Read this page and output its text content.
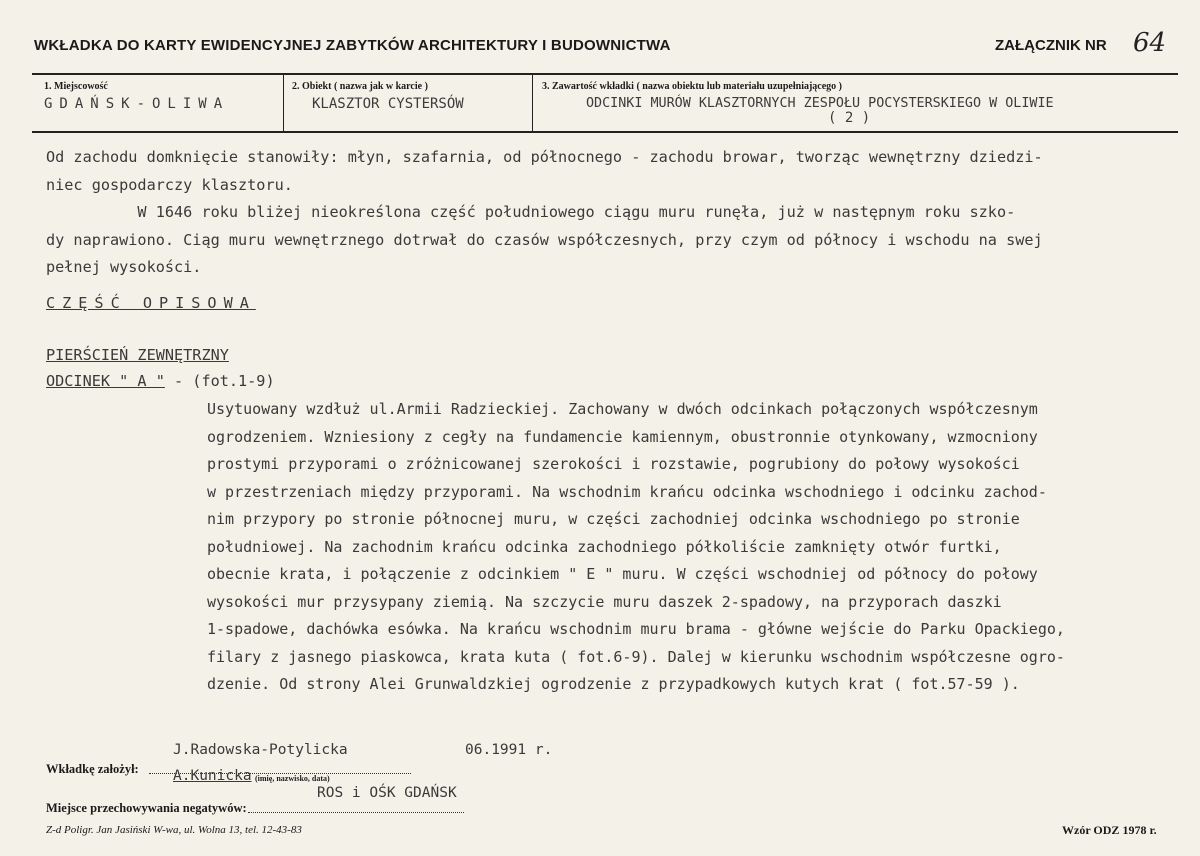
WKŁADKA DO KARTY EWIDENCYJNEJ ZABYTKÓW ARCHITEKTURY I BUDOWNICTWA	ZAŁĄCZNIK NR 64
1. Miejscowość
GDAŃSK-OLIWA
2. Obiekt ( nazwa jak w karcie )
KLASZTOR CYSTERSÓW
3. Zawartość wkładki ( nazwa obiektu lub materiału uzupełniającego )
ODCINKI MURÓW KLASZTORNYCH ZESPOŁU POCYSTERSKIEGO W OLIWIE
( 2 )
Od zachodu domknięcie stanowiły: młyn, szafarnia, od północnego - zachodu browar, tworząc wewnętrzny dziedzi-
niec gospodarczy klasztoru.
W 1646 roku bliżej nieokreślona część południowego ciągu muru runęła, już w następnym roku szko-
dy naprawiono. Ciąg muru wewnętrznego dotrwał do czasów współczesnych, przy czym od północy i wschodu na swej
pełnej wysokości.
CZĘŚĆ OPISOWA
PIERŚCIEŃ ZEWNĘTRZNY
ODCINEK " A " - (fot.1-9)
Usytuowany wzdłuż ul.Armii Radzieckiej. Zachowany w dwóch odcinkach połączonych współczesnym
ogrodzeniem. Wzniesiony z cegły na fundamencie kamiennym, obustronnie otynkowany, wzmocniony
prostymi przyporami o zróżnicowanej szerokości i rozstawie, pogrubiony do połowy wysokości
w przestrzeniach między przyporami. Na wschodnim krańcu odcinka wschodniego i odcinku zachod-
nim przypory po stronie północnej muru, w części zachodniej odcinka wschodniego po stronie
południowej. Na zachodnim krańcu odcinka zachodniego półkoliście zamknięty otwór furtki,
obecnie krata, i połączenie z odcinkiem " E " muru. W części wschodniej od północy do połowy
wysokości mur przysypany ziemią. Na szczycie muru daszek 2-spadowy, na przyporach daszki
1-spadowe, dachówka esówka. Na krańcu wschodnim muru brama - główne wejście do Parku Opackiego,
filary z jasnego piaskowca, krata kuta ( fot.6-9). Dalej w kierunku wschodnim współczesne ogro-
dzenie. Od strony Alei Grunwaldzkiej ogrodzenie z przypadkowych kutych krat ( fot.57-59 ).
J.Radowska-Potylicka	06.1991 r.
Wkładkę założył: A.Kunicka (imię, nazwisko, data)
ROS i OŚK GDAŃSK
Miejsce przechowywania negatywów:
Z-d Poligr. Jan Jasiński W-wa, ul. Wolna 13, tel. 12-43-83	Wzór ODZ 1978 r.
